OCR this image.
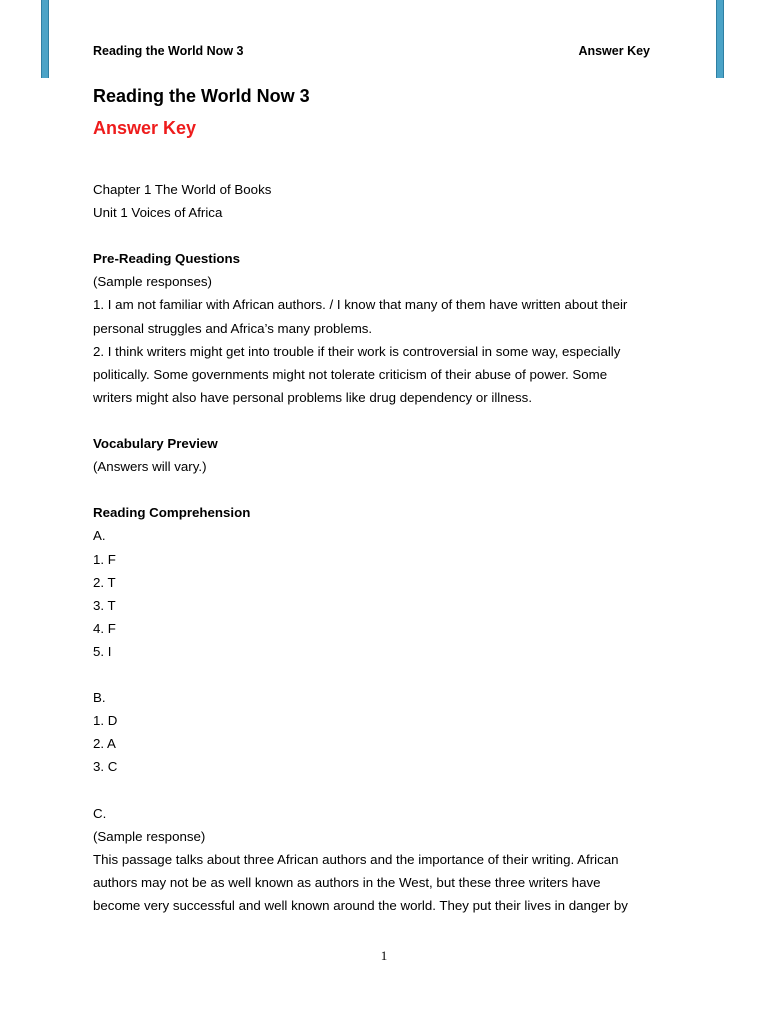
Reading the World Now 3	Answer Key
Reading the World Now 3
Answer Key
Chapter 1 The World of Books
Unit 1 Voices of Africa
Pre-Reading Questions
(Sample responses)
1. I am not familiar with African authors. / I know that many of them have written about their
personal struggles and Africa’s many problems.
2. I think writers might get into trouble if their work is controversial in some way, especially
politically. Some governments might not tolerate criticism of their abuse of power. Some
writers might also have personal problems like drug dependency or illness.
Vocabulary Preview
(Answers will vary.)
Reading Comprehension
A.
1. F
2. T
3. T
4. F
5. I
B.
1. D
2. A
3. C
C.
(Sample response)
This passage talks about three African authors and the importance of their writing. African
authors may not be as well known as authors in the West, but these three writers have
become very successful and well known around the world. They put their lives in danger by
1
